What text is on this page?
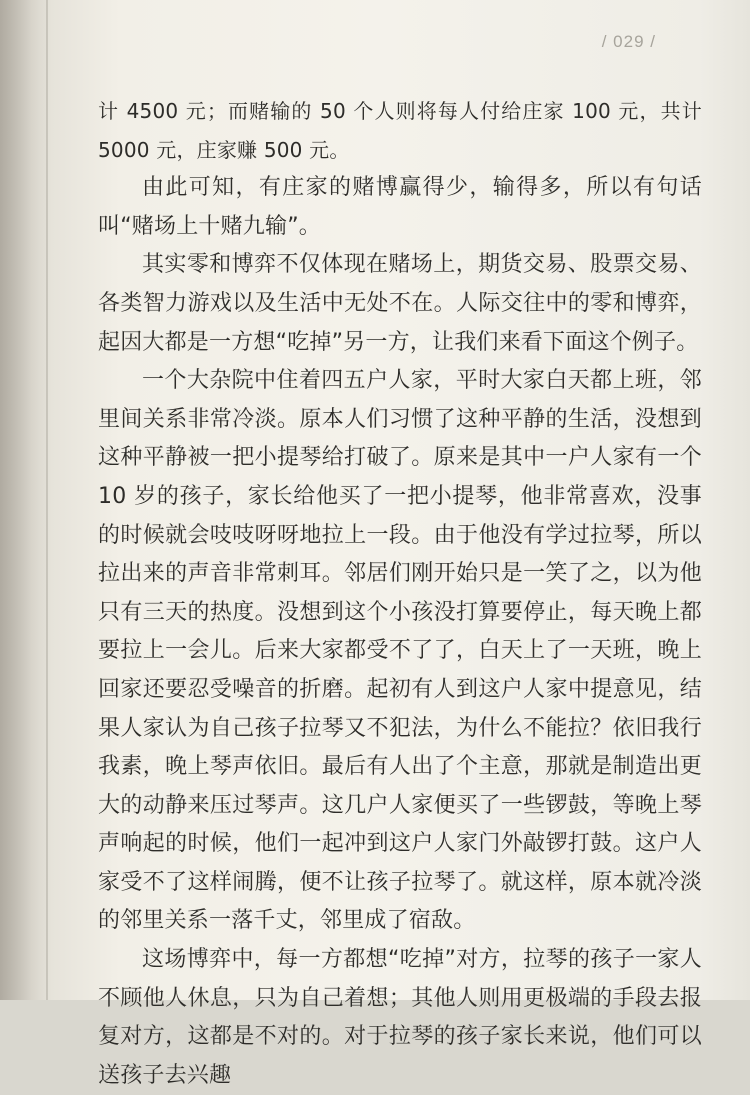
/ 029 /

计 4500 元；而赌输的 50 个人则将每人付给庄家 100 元，共计 5000 元，庄家赚 500 元。

由此可知，有庄家的赌博赢得少，输得多，所以有句话叫“赌场上十赌九输”。

其实零和博弈不仅体现在赌场上，期货交易、股票交易、各类智力游戏以及生活中无处不在。人际交往中的零和博弈，起因大都是一方想“吃掉”另一方，让我们来看下面这个例子。

一个大杂院中住着四五户人家，平时大家白天都上班，邻里间关系非常冷淡。原本人们习惯了这种平静的生活，没想到这种平静被一把小提琴给打破了。原来是其中一户人家有一个 10 岁的孩子，家长给他买了一把小提琴，他非常喜欢，没事的时候就会吱吱呀呀地拉上一段。由于他没有学过拉琴，所以拉出来的声音非常刺耳。邻居们刚开始只是一笑了之，以为他只有三天的热度。没想到这个小孩没打算要停止，每天晚上都要拉上一会儿。后来大家都受不了了，白天上了一天班，晚上回家还要忍受噪音的折磨。起初有人到这户人家中提意见，结果人家认为自己孩子拉琴又不犯法，为什么不能拉？依旧我行我素，晚上琴声依旧。最后有人出了个主意，那就是制造出更大的动静来压过琴声。这几户人家便买了一些锣鼓，等晚上琴声响起的时候，他们一起冲到这户人家门外敲锣打鼓。这户人家受不了这样闹腾，便不让孩子拉琴了。就这样，原本就冷淡的邻里关系一落千丈，邻里成了宿敌。

这场博弈中，每一方都想“吃掉”对方，拉琴的孩子一家人不顾他人休息，只为自己着想；其他人则用更极端的手段去报复对方，这都是不对的。对于拉琴的孩子家长来说，他们可以送孩子去兴趣
